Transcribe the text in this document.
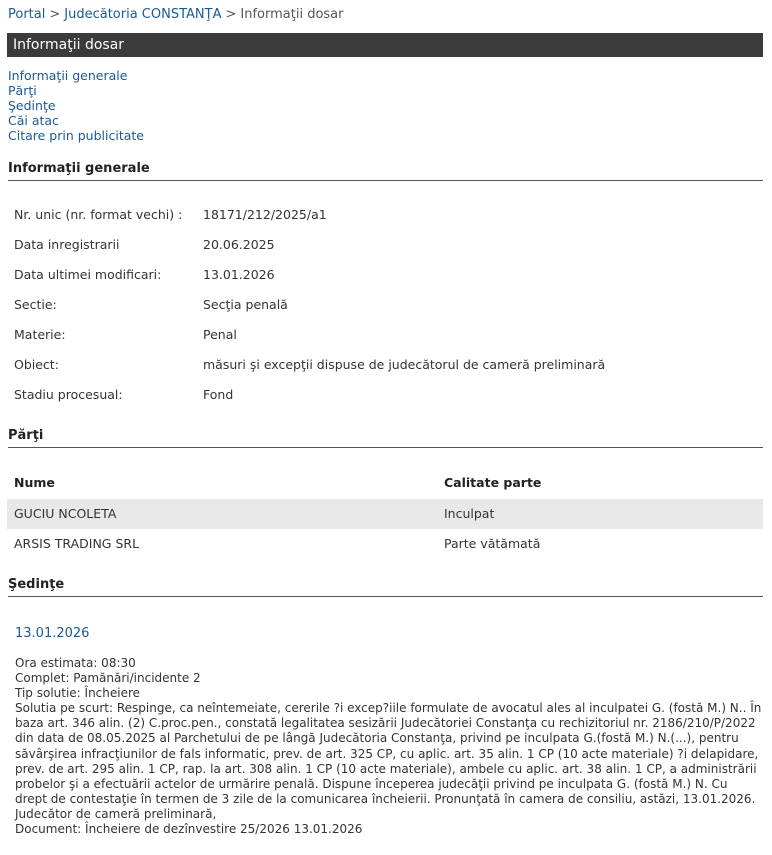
Portal > Judecătoria CONSTANŢA > Informaţii dosar
Informaţii dosar
Informaţii generale
Părţi
Şedinţe
Căi atac
Citare prin publicitate
Informaţii generale
Nr. unic (nr. format vechi) :	18171/212/2025/a1
Data inregistrarii	20.06.2025
Data ultimei modificari:	13.01.2026
Sectie:	Secţia penală
Materie:	Penal
Obiect:	măsuri şi excepţii dispuse de judecătorul de cameră preliminară
Stadiu procesual:	Fond
Părţi
Nume	Calitate parte
GUCIU NCOLETA	Inculpat
ARSIS TRADING SRL	Parte vătămată
Şedinţe
13.01.2026
Ora estimata: 08:30
Complet: Pamănări/incidente 2
Tip solutie: Încheiere
Solutia pe scurt: Respinge, ca neîntemeiate, cererile ?i excep?iile formulate de avocatul ales al inculpatei G. (fostă M.) N.. În baza art. 346 alin. (2) C.proc.pen., constată legalitatea sesizării Judecătoriei Constanţa cu rechizitoriul nr. 2186/210/P/2022 din data de 08.05.2025 al Parchetului de pe lângă Judecătoria Constanţa, privind pe inculpata G.(fostă M.) N.(...), pentru săvârşirea infracţiunilor de fals informatic, prev. de art. 325 CP, cu aplic. art. 35 alin. 1 CP (10 acte materiale) ?i delapidare, prev. de art. 295 alin. 1 CP, rap. la art. 308 alin. 1 CP (10 acte materiale), ambele cu aplic. art. 38 alin. 1 CP, a administrării probelor şi a efectuării actelor de urmărire penală. Dispune începerea judecăţii privind pe inculpata G. (fostă M.) N. Cu drept de contestaţie în termen de 3 zile de la comunicarea încheierii. Pronunţată în camera de consiliu, astăzi, 13.01.2026. Judecător de cameră preliminară,
Document: Încheiere de dezînvestire 25/2026 13.01.2026
